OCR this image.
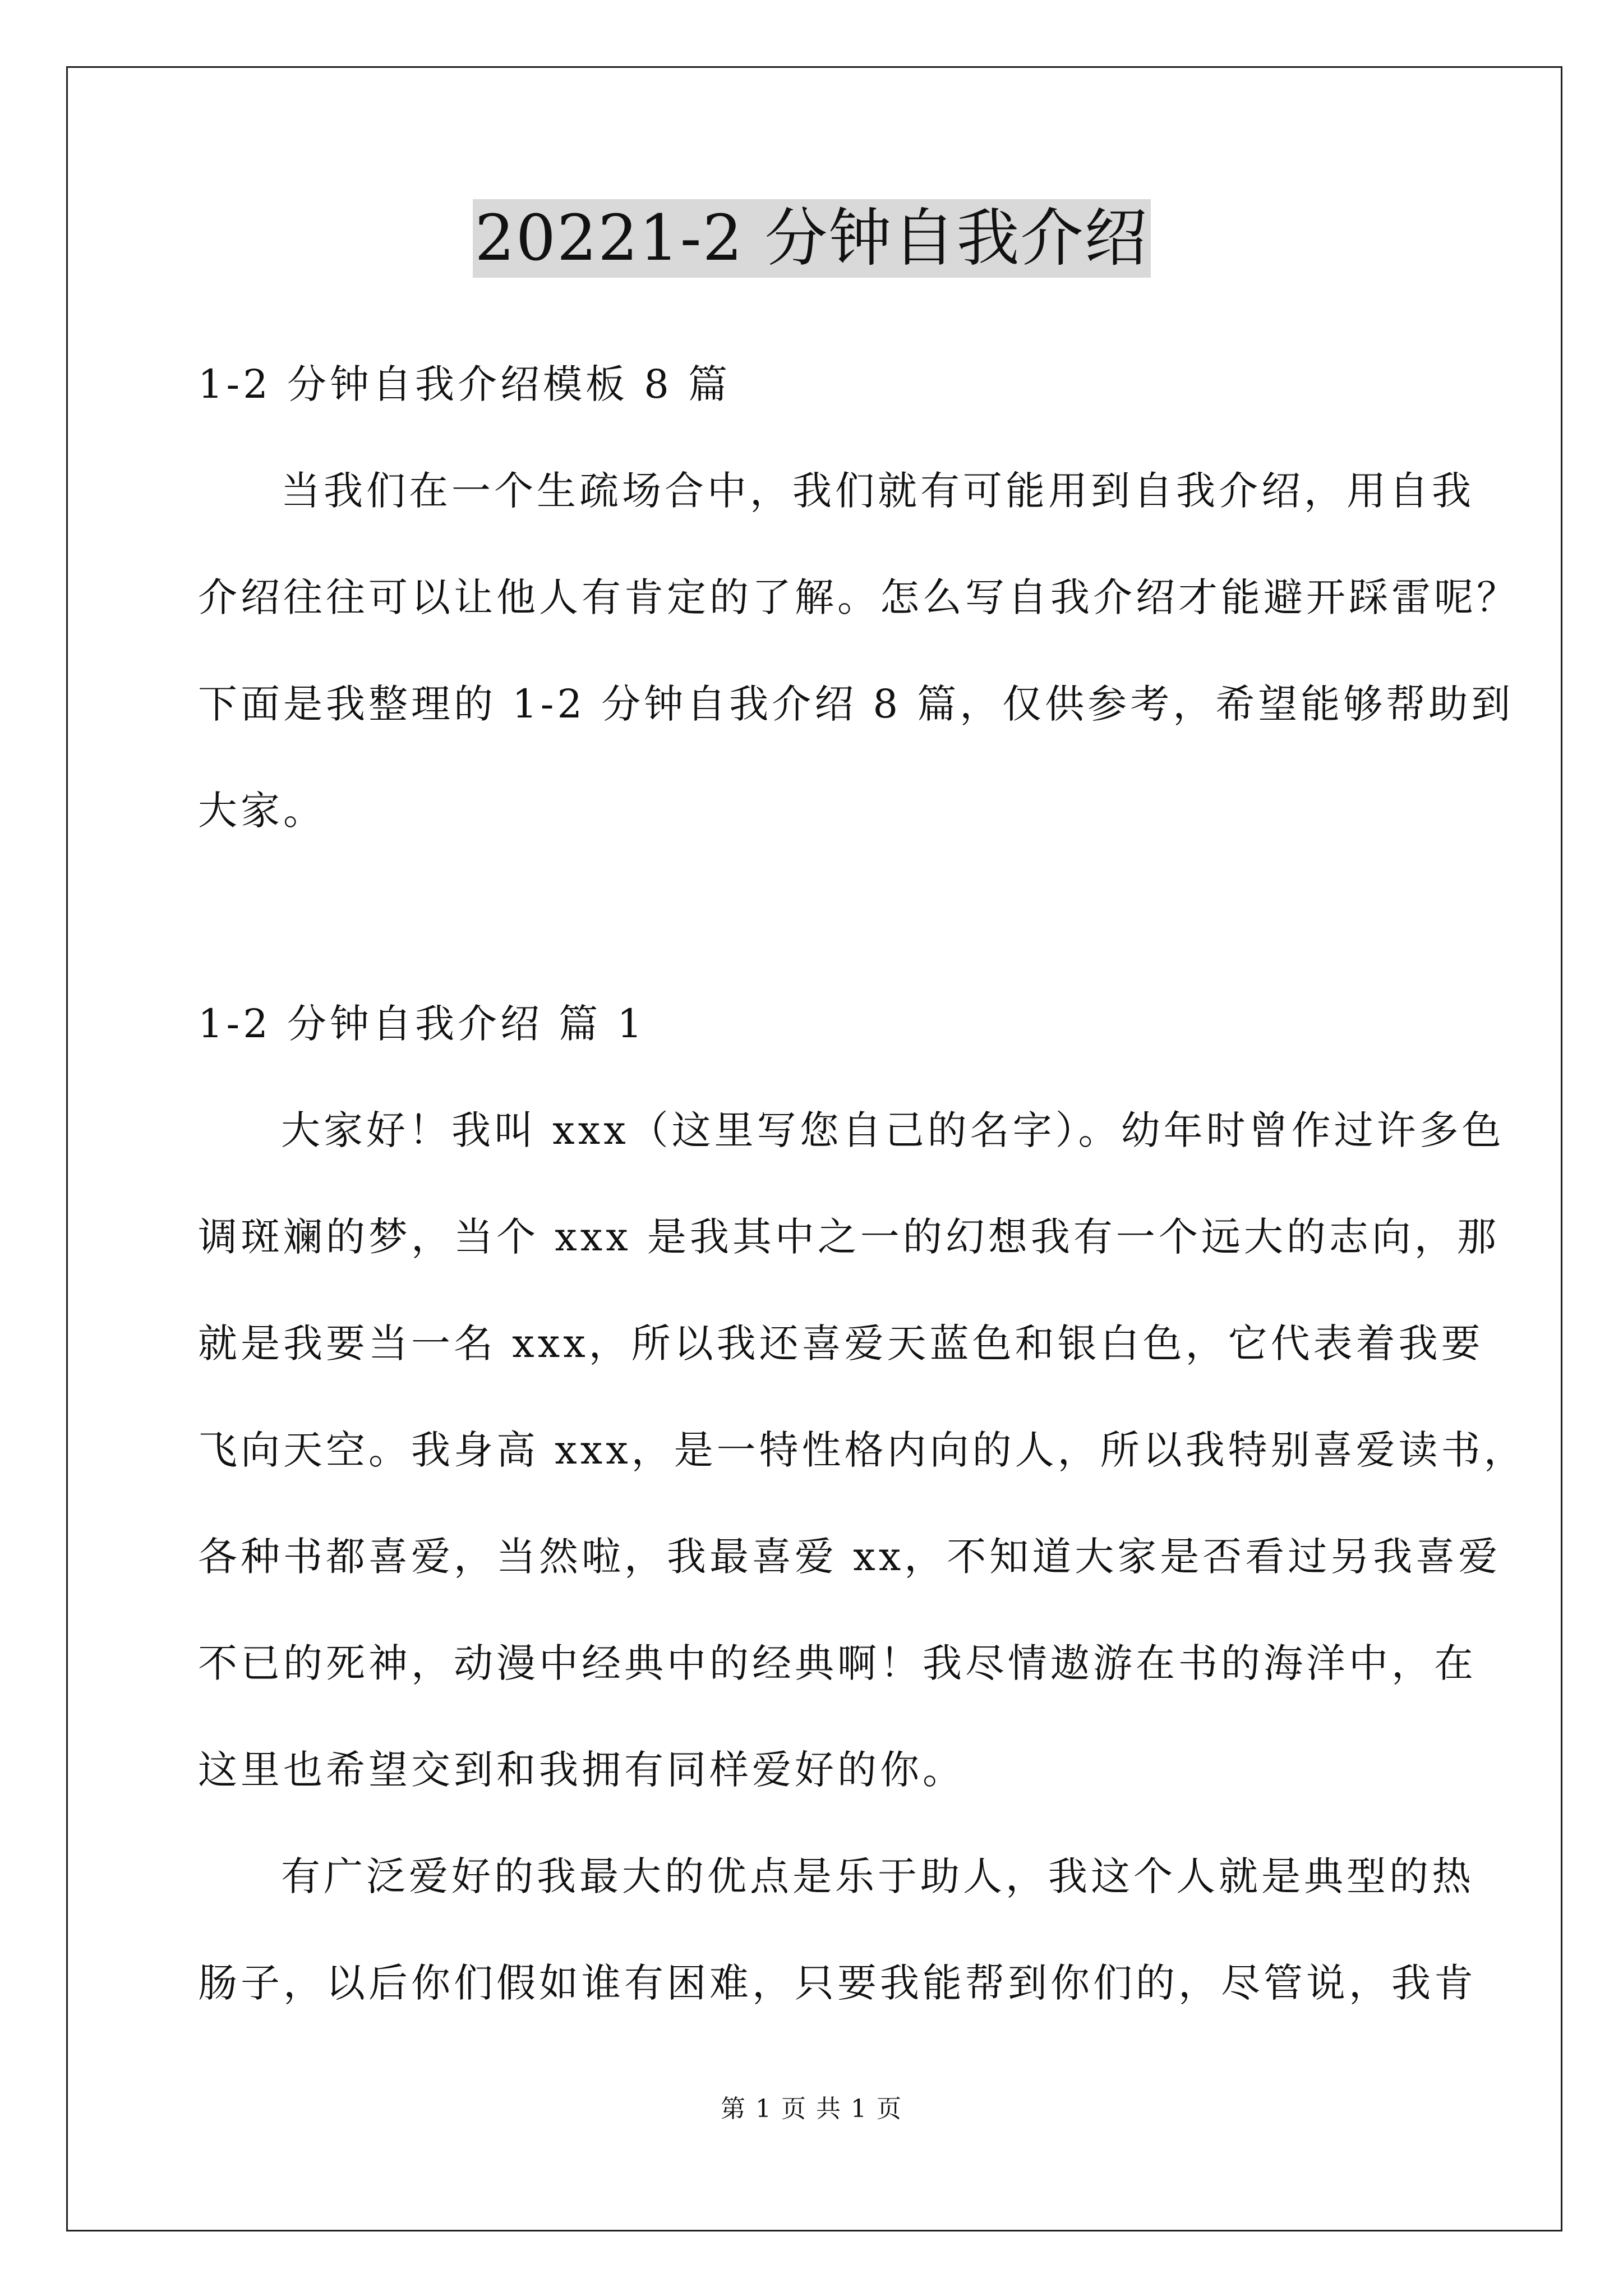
20221-2 分钟自我介绍
1-2 分钟自我介绍模板 8 篇
当我们在一个生疏场合中，我们就有可能用到自我介绍，用自我
介绍往往可以让他人有肯定的了解。怎么写自我介绍才能避开踩雷呢？
下面是我整理的 1-2 分钟自我介绍 8 篇，仅供参考，希望能够帮助到
大家。
1-2 分钟自我介绍 篇 1
大家好！我叫 xxx（这里写您自己的名字）。幼年时曾作过许多色
调斑斓的梦，当个 xxx 是我其中之一的幻想我有一个远大的志向，那
就是我要当一名 xxx，所以我还喜爱天蓝色和银白色，它代表着我要
飞向天空。我身高 xxx，是一特性格内向的人，所以我特别喜爱读书，
各种书都喜爱，当然啦，我最喜爱 xx，不知道大家是否看过另我喜爱
不已的死神，动漫中经典中的经典啊！我尽情遨游在书的海洋中，在
这里也希望交到和我拥有同样爱好的你。
有广泛爱好的我最大的优点是乐于助人，我这个人就是典型的热
肠子，以后你们假如谁有困难，只要我能帮到你们的，尽管说，我肯
第 1 页 共 1 页
